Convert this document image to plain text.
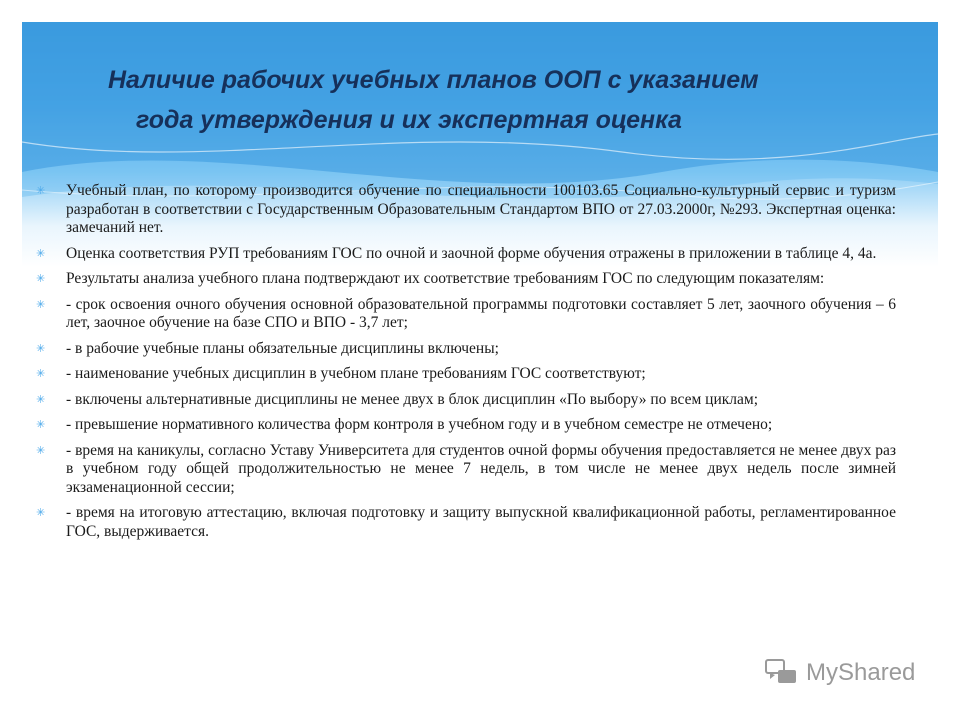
Наличие рабочих учебных планов ООП с указанием
года утверждения и их экспертная оценка
✳	Учебный план, по которому производится обучение по специальности 100103.65 Социально-культурный сервис и туризм разработан в соответствии с Государственным Образовательным Стандартом ВПО от 27.03.2000г, №293. Экспертная оценка: замечаний нет.
✳	Оценка соответствия РУП требованиям ГОС по очной и заочной форме обучения отражены в приложении в таблице 4, 4а.
✳	Результаты анализа учебного плана подтверждают их соответствие требованиям ГОС по следующим показателям:
✳	- срок освоения очного обучения основной образовательной программы подготовки составляет 5 лет, заочного обучения – 6 лет, заочное обучение на базе СПО и ВПО - 3,7 лет;
✳	- в рабочие учебные планы обязательные дисциплины включены;
✳	- наименование учебных дисциплин в учебном плане требованиям ГОС соответствуют;
✳	- включены альтернативные дисциплины не менее двух в блок дисциплин «По выбору» по всем циклам;
✳	- превышение нормативного количества форм контроля в учебном году и в учебном семестре не отмечено;
✳	- время на каникулы, согласно Уставу Университета для студентов очной формы обучения предоставляется не менее двух раз в учебном году общей продолжительностью не менее 7 недель, в том числе не менее двух недель после зимней экзаменационной сессии;
✳	- время на итоговую аттестацию, включая подготовку и защиту выпускной квалификационной работы, регламентированное ГОС, выдерживается.
MyShared
